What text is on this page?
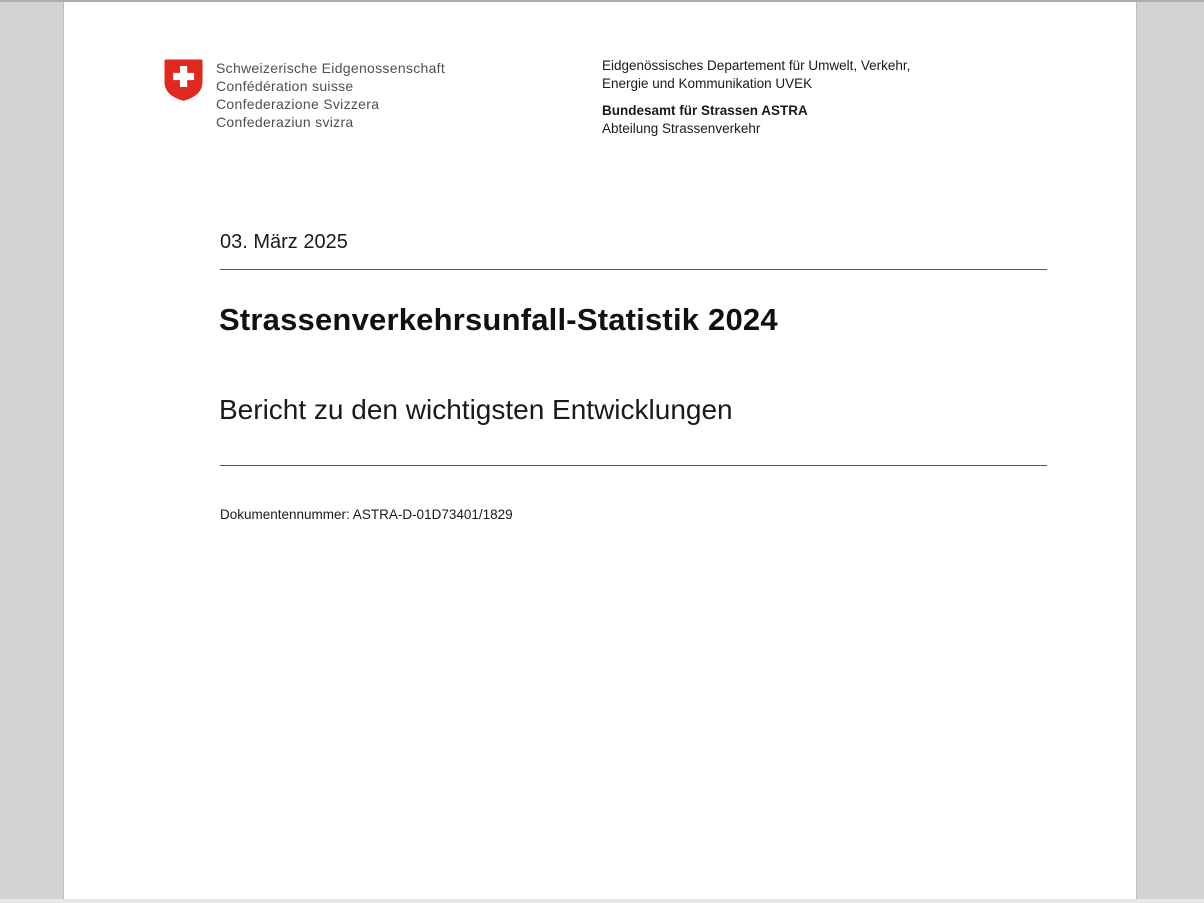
Schweizerische Eidgenossenschaft
Confédération suisse
Confederazione Svizzera
Confederaziun svizra
Eidgenössisches Departement für Umwelt, Verkehr,
Energie und Kommunikation UVEK
Bundesamt für Strassen ASTRA
Abteilung Strassenverkehr
03. März 2025
Strassenverkehrsunfall-Statistik 2024
Bericht zu den wichtigsten Entwicklungen
Dokumentennummer: ASTRA-D-01D73401/1829
